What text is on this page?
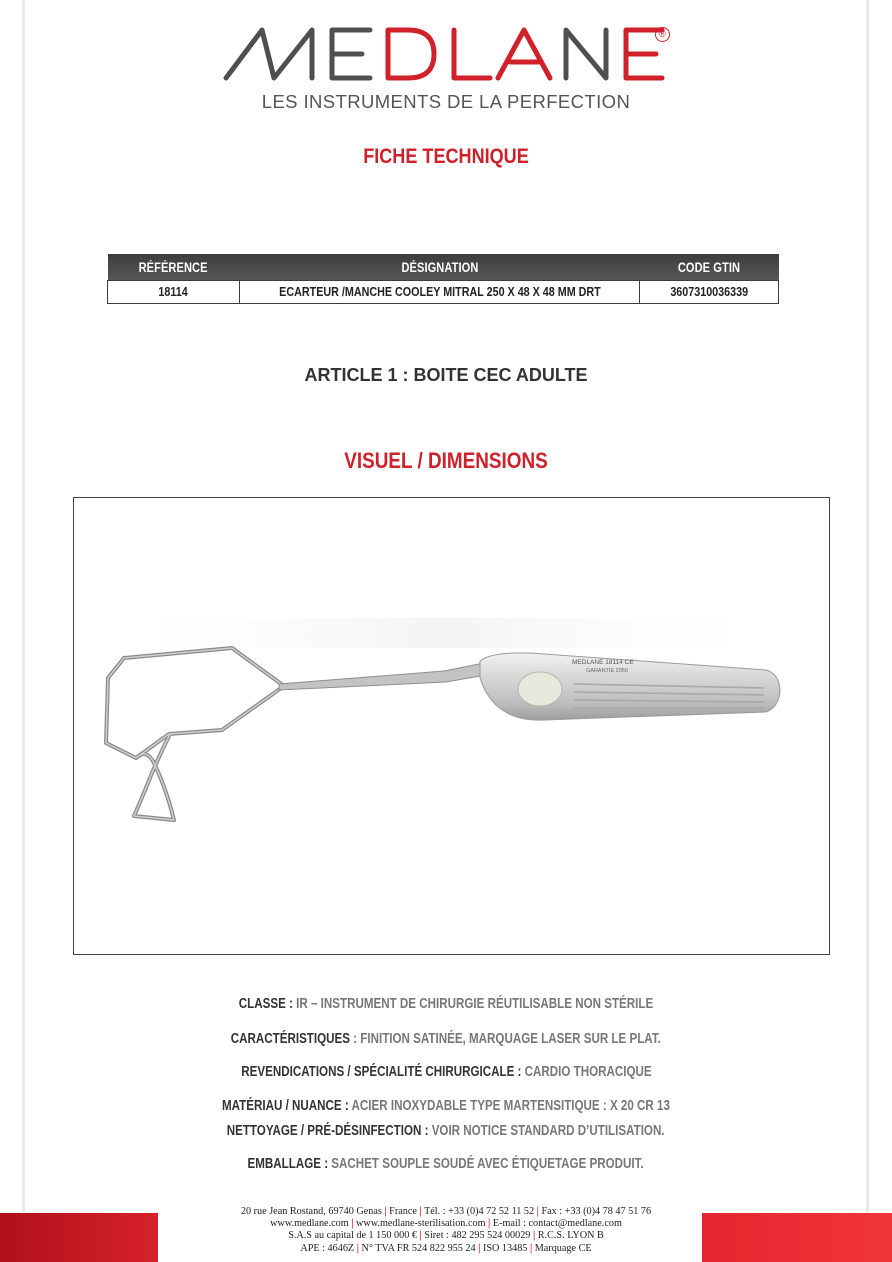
®
LES INSTRUMENTS DE LA PERFECTION
FICHE TECHNIQUE
RÉFÉRENCE	DÉSIGNATION	CODE GTIN
18114	ECARTEUR /MANCHE COOLEY MITRAL 250 X 48 X 48 MM DRT	3607310036339
ARTICLE 1 : BOITE CEC ADULTE
VISUEL / DIMENSIONS
MEDLANE 18114 CE
GARANTIE 2050
CLASSE : IR – INSTRUMENT DE CHIRURGIE RÉUTILISABLE NON STÉRILE
CARACTÉRISTIQUES : FINITION SATINÉE, MARQUAGE LASER SUR LE PLAT.
REVENDICATIONS / SPÉCIALITÉ CHIRURGICALE : CARDIO THORACIQUE
MATÉRIAU / NUANCE : ACIER INOXYDABLE TYPE MARTENSITIQUE : X 20 CR 13
NETTOYAGE / PRÉ-DÉSINFECTION : VOIR NOTICE STANDARD D’UTILISATION.
EMBALLAGE : SACHET SOUPLE SOUDÉ AVEC ÉTIQUETAGE PRODUIT.
20 rue Jean Rostand, 69740 Genas | France | Tél. : +33 (0)4 72 52 11 52 | Fax : +33 (0)4 78 47 51 76
www.medlane.com | www.medlane-sterilisation.com | E-mail : contact@medlane.com
S.A.S au capital de 1 150 000 € | Siret : 482 295 524 00029 | R.C.S. LYON B
APE : 4646Z | N° TVA FR 524 822 955 24 | ISO 13485 | Marquage CE
